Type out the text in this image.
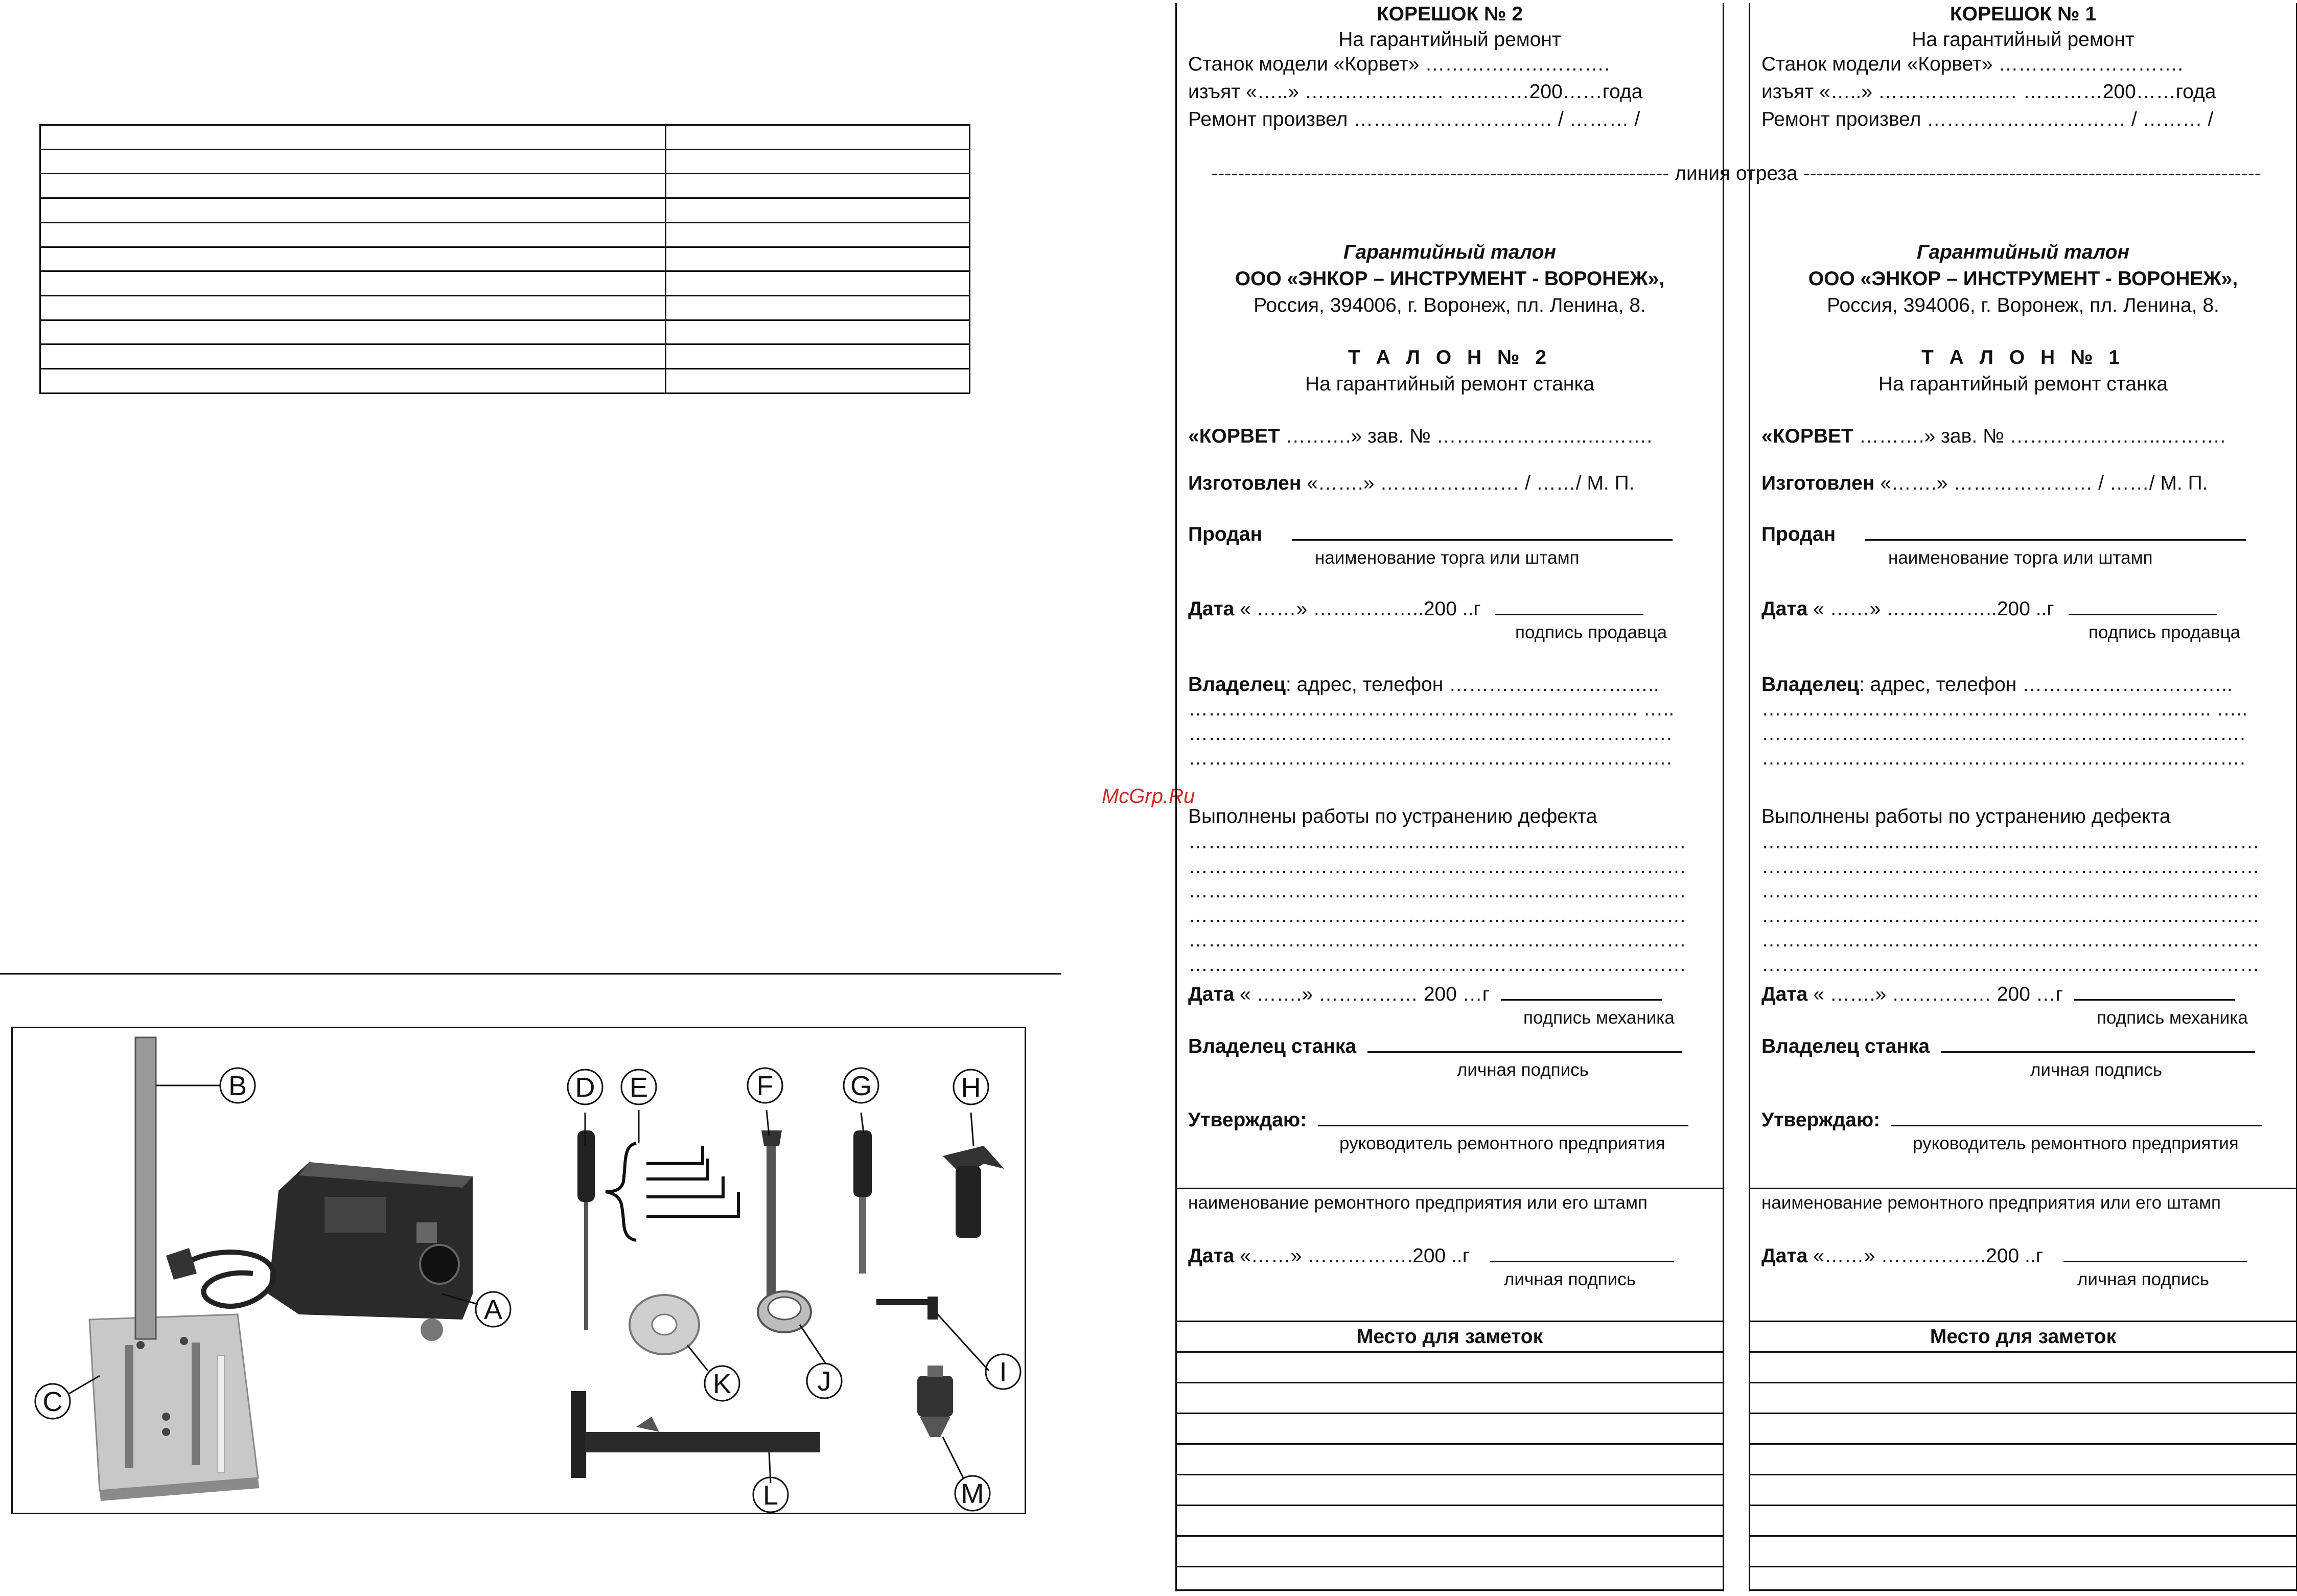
B
A
C
D E	F	G	H
I
J
K
L	M
McGrp.Ru
--------------------------------------------------------------------- линия отреза ---------------------------------------------------------------------
КОРЕШОК № 2
На гарантийный ремонт
Станок модели «Корвет» ……………………….
изъят «…..» ………………… …………200……года
Ремонт произвел ………………………… / ……… /
Гарантийный талон
ООО «ЭНКОР – ИНСТРУМЕНТ - ВОРОНЕЖ»,
Россия, 394006, г. Воронеж, пл. Ленина, 8.
Т А Л О Н № 2
На гарантийный ремонт станка
«КОРВЕТ ……….» зав. № …………………..……….
Изготовлен «…….» ………………… / ……/ М. П.
Продан
наименование торга или штамп
Дата « ……» ……………..200 ..г
подпись продавца
Владелец: адрес, телефон …………………………..
………………………………………………………….. …..
……………………………………………………………….
……………………………………………………………….
Выполнены работы по устранению дефекта
…………………………………………………………………
…………………………………………………………………
…………………………………………………………………
…………………………………………………………………
…………………………………………………………………
…………………………………………………………………
Дата « …….» …………… 200 …г
подпись механика
Владелец станка
личная подпись
Утверждаю:
руководитель ремонтного предприятия
наименование ремонтного предприятия или его штамп
Дата «……» …………….200 ..г
личная подпись
Место для заметок
КОРЕШОК № 1
На гарантийный ремонт
Станок модели «Корвет» ……………………….
изъят «…..» ………………… …………200……года
Ремонт произвел ………………………… / ……… /
Гарантийный талон
ООО «ЭНКОР – ИНСТРУМЕНТ - ВОРОНЕЖ»,
Россия, 394006, г. Воронеж, пл. Ленина, 8.
Т А Л О Н № 1
На гарантийный ремонт станка
«КОРВЕТ ……….» зав. № …………………..……….
Изготовлен «…….» ………………… / ……/ М. П.
Продан
наименование торга или штамп
Дата « ……» ……………..200 ..г
подпись продавца
Владелец: адрес, телефон …………………………..
………………………………………………………….. …..
……………………………………………………………….
……………………………………………………………….
Выполнены работы по устранению дефекта
…………………………………………………………………
…………………………………………………………………
…………………………………………………………………
…………………………………………………………………
…………………………………………………………………
…………………………………………………………………
Дата « …….» …………… 200 …г
подпись механика
Владелец станка
личная подпись
Утверждаю:
руководитель ремонтного предприятия
наименование ремонтного предприятия или его штамп
Дата «……» …………….200 ..г
личная подпись
Место для заметок
